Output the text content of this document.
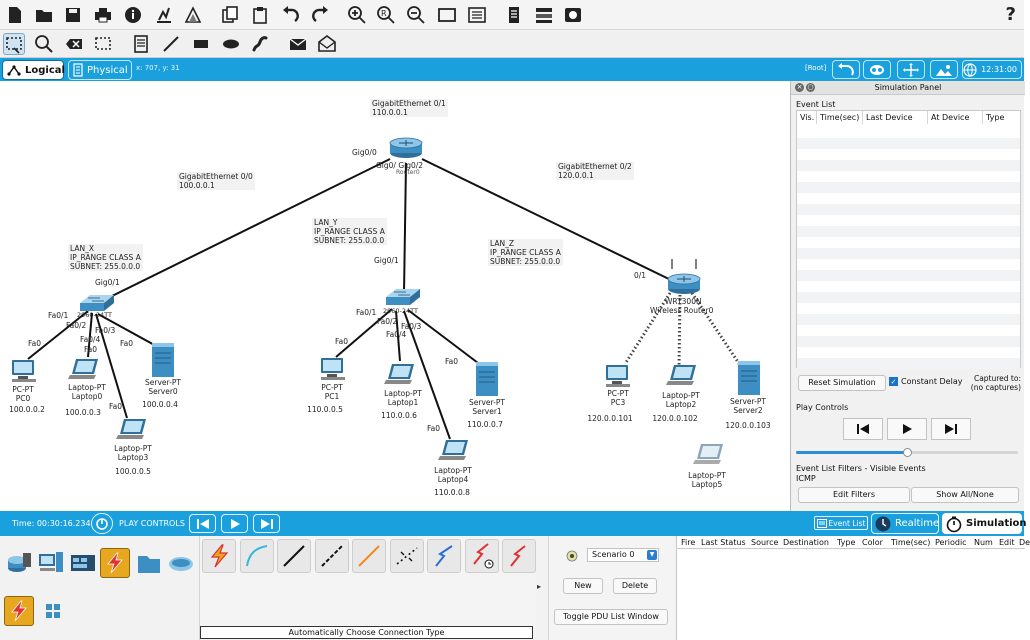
R	?
Logical Physical x: 707, y: 31	[Root]	12:31:00
GigabitEthernet 0/1
110.0.0.1
GigabitEthernet 0/0
100.0.0.1
GigabitEthernet 0/2
120.0.0.1
LAN_X
IP_RANGE CLASS A
SUBNET: 255.0.0.0
LAN_Y
IP_RANGE CLASS A
SUBNET: 255.0.0.0	LAN_Z
IP_RANGE CLASS A
SUBNET: 255.0.0.0
Gig0/0
Gig0/ Gig0/2
Router0
Gig0/1
Gig0/1
Fa0/1 2960-24TT
Fa0/2
Fa0/3
Fa0/4
Fa0/1 2960-24TT
Fa0/2
Fa0/3
Fa0/4
Fa0
Fa0
Fa0
Fa0
Fa0
Fa0
Fa0
0/1
WRT300N
Wireless Router0
PC-PT
PC0
100.0.0.2
Laptop-PT
Laptop0
100.0.0.3
Server-PT
Server0
100.0.0.4
Laptop-PT
Laptop3
100.0.0.5
PC-PT
PC1
110.0.0.5
Laptop-PT
Laptop1
110.0.0.6
Server-PT
Server1
110.0.0.7
Laptop-PT
Laptop4
110.0.0.8
PC-PT
PC3
120.0.0.101
Laptop-PT
Laptop2
120.0.0.102
Server-PT
Server2
120.0.0.103
Laptop-PT
Laptop5
× ○	Simulation Panel
Event List
Vis. Time(sec) Last Device	At Device	Type
Reset Simulation	✓ Constant Delay	Captured to:
(no captures)
Play Controls
Event List Filters - Visible Events
ICMP
Edit Filters	Show All/None
Time: 00:30:16.234	PLAY CONTROLS	Event List	Realtime	Simulation
▸
Automatically Choose Connection Type
Scenario 0	▼
New	Delete
Toggle PDU List Window
Fire Last Status Source Destination Type Color Time(sec) Periodic Num Edit De
